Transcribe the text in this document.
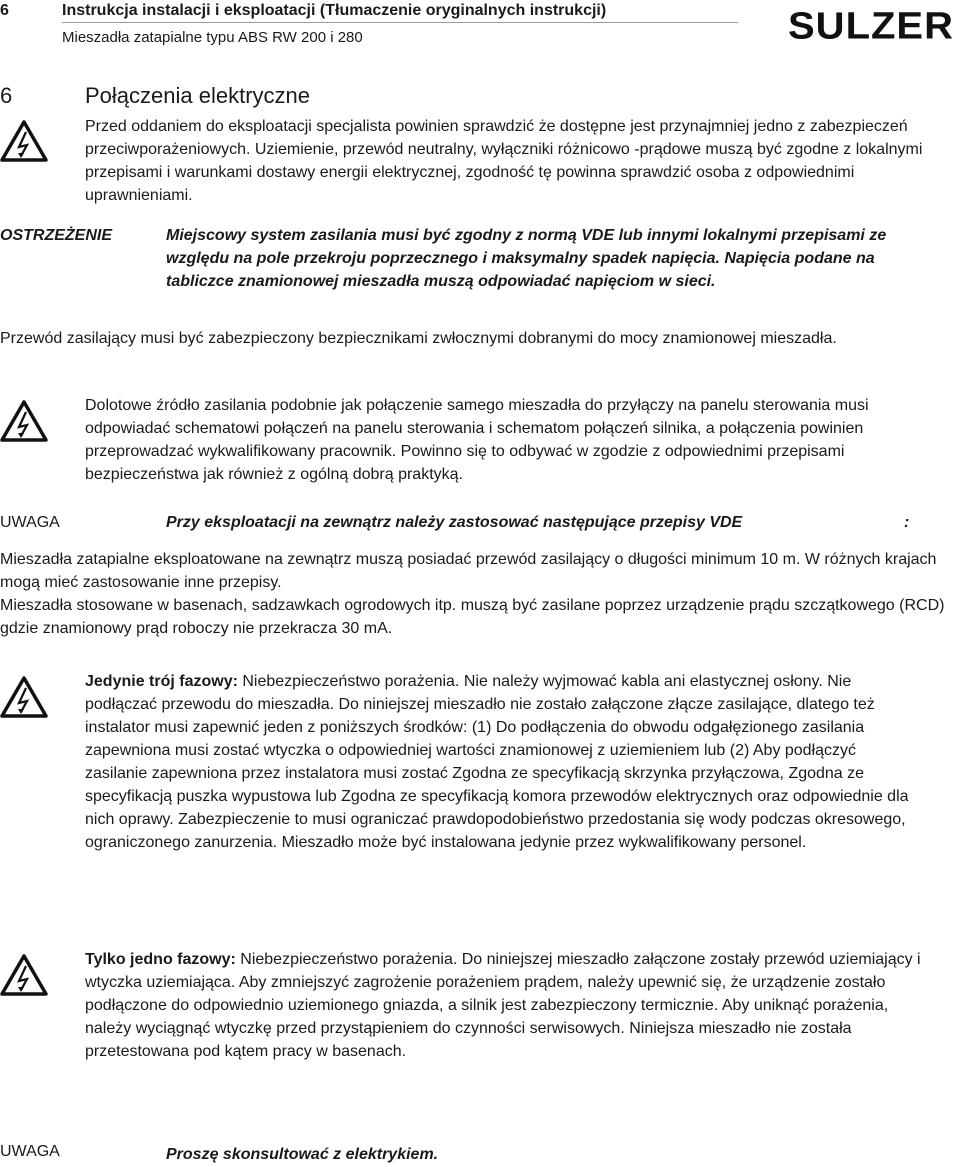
6	Instrukcja instalacji i eksploatacji (Tłumaczenie oryginalnych instrukcji)
Mieszadła zatapialne typu ABS RW 200 i 280	SULZER
6	Połączenia elektryczne

Przed oddaniem do eksploatacji specjalista powinien sprawdzić że dostępne jest przynajmniej jedno z zabezpieczeń przeciwporażeniowych. Uziemienie, przewód neutralny, wyłączniki różnicowo -prądowe muszą być zgodne z lokalnymi przepisami i warunkami dostawy energii elektrycznej, zgodność tę powinna sprawdzić osoba z odpowiednimi uprawnieniami.

OSTRZEŻENIE	Miejscowy system zasilania musi być zgodny z normą VDE lub innymi lokalnymi przepisami ze względu na pole przekroju poprzecznego i maksymalny spadek napięcia. Napięcia podane na tabliczce znamionowej mieszadła muszą odpowiadać napięciom w sieci.

Przewód zasilający musi być zabezpieczony bezpiecznikami zwłocznymi dobranymi do mocy znamionowej mieszadła.

Dolotowe źródło zasilania podobnie jak połączenie samego mieszadła do przyłączy na panelu sterowania musi odpowiadać schematowi połączeń na panelu sterowania i schematom połączeń silnika, a połączenia powinien przeprowadzać wykwalifikowany pracownik. Powinno się to odbywać w zgodzie z odpowiednimi przepisami bezpieczeństwa jak również z ogólną dobrą praktyką.

UWAGA	Przy eksploatacji na zewnątrz należy zastosować następujące przepisy VDE	:

Mieszadła zatapialne eksploatowane na zewnątrz muszą posiadać przewód zasilający o długości minimum 10 m. W różnych krajach mogą mieć zastosowanie inne przepisy.

Mieszadła stosowane w basenach, sadzawkach ogrodowych itp. muszą być zasilane poprzez urządzenie prądu szczątkowego (RCD) gdzie znamionowy prąd roboczy nie przekracza 30 mA.

Jedynie trój fazowy: Niebezpieczeństwo porażenia. Nie należy wyjmować kabla ani elastycznej osłony. Nie podłączać przewodu do mieszadła. Do niniejszej mieszadło nie zostało załączone złącze zasilające, dlatego też instalator musi zapewnić jeden z poniższych środków: (1) Do podłączenia do obwodu odgałęzionego zasilania zapewniona musi zostać wtyczka o odpowiedniej wartości znamionowej z uziemieniem lub (2) Aby podłączyć zasilanie zapewniona przez instalatora musi zostać Zgodna ze specyfikacją skrzynka przyłączowa, Zgodna ze specyfikacją puszka wypustowa lub Zgodna ze specyfikacją komora przewodów elektrycznych oraz odpowiednie dla nich oprawy. Zabezpieczenie to musi ograniczać prawdopodobieństwo przedostania się wody podczas okresowego, ograniczonego zanurzenia. Mieszadło może być instalowana jedynie przez wykwalifikowany personel.

Tylko jedno fazowy: Niebezpieczeństwo porażenia. Do niniejszej mieszadło załączone zostały przewód uziemiający i wtyczka uziemiająca. Aby zmniejszyć zagrożenie porażeniem prądem, należy upewnić się, że urządzenie zostało podłączone do odpowiednio uziemionego gniazda, a silnik jest zabezpieczony termicznie. Aby uniknąć porażenia, należy wyciągnąć wtyczkę przed przystąpieniem do czynności serwisowych. Niniejsza mieszadło nie została przetestowana pod kątem pracy w basenach.

UWAGA	Proszę skonsultować z elektrykiem.
